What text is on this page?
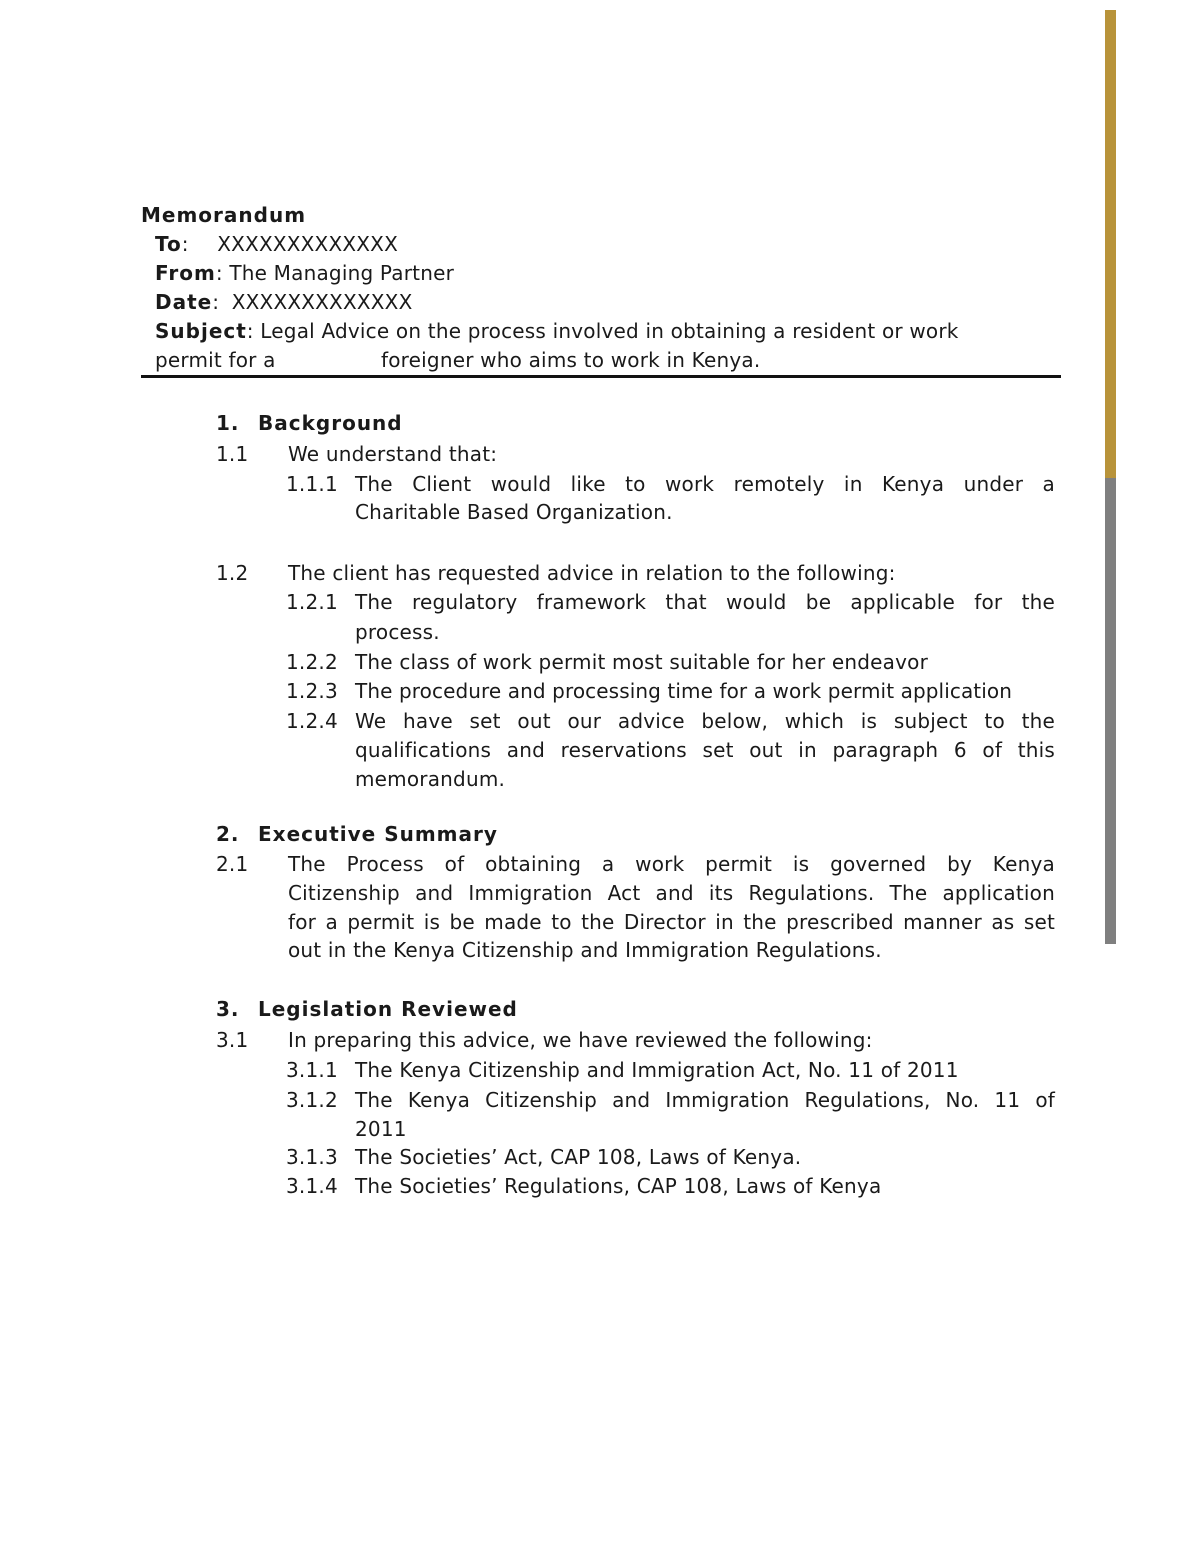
Memorandum
To: XXXXXXXXXXXXX
From: The Managing Partner
Date: XXXXXXXXXXXXX
Subject: Legal Advice on the process involved in obtaining a resident or work
permit for a	foreigner who aims to work in Kenya.
1. Background
1.1 We understand that:
1.1.1 The Client would like to work remotely in Kenya under a
Charitable Based Organization.
1.2 The client has requested advice in relation to the following:
1.2.1 The regulatory framework that would be applicable for the
process.
1.2.2 The class of work permit most suitable for her endeavor
1.2.3 The procedure and processing time for a work permit application
1.2.4 We have set out our advice below, which is subject to the
qualifications and reservations set out in paragraph 6 of this
memorandum.
2. Executive Summary
2.1 The Process of obtaining a work permit is governed by Kenya
Citizenship and Immigration Act and its Regulations. The application
for a permit is be made to the Director in the prescribed manner as set
out in the Kenya Citizenship and Immigration Regulations.
3. Legislation Reviewed
3.1 In preparing this advice, we have reviewed the following:
3.1.1 The Kenya Citizenship and Immigration Act, No. 11 of 2011
3.1.2 The Kenya Citizenship and Immigration Regulations, No. 11 of
2011
3.1.3 The Societies’ Act, CAP 108, Laws of Kenya.
3.1.4 The Societies’ Regulations, CAP 108, Laws of Kenya
